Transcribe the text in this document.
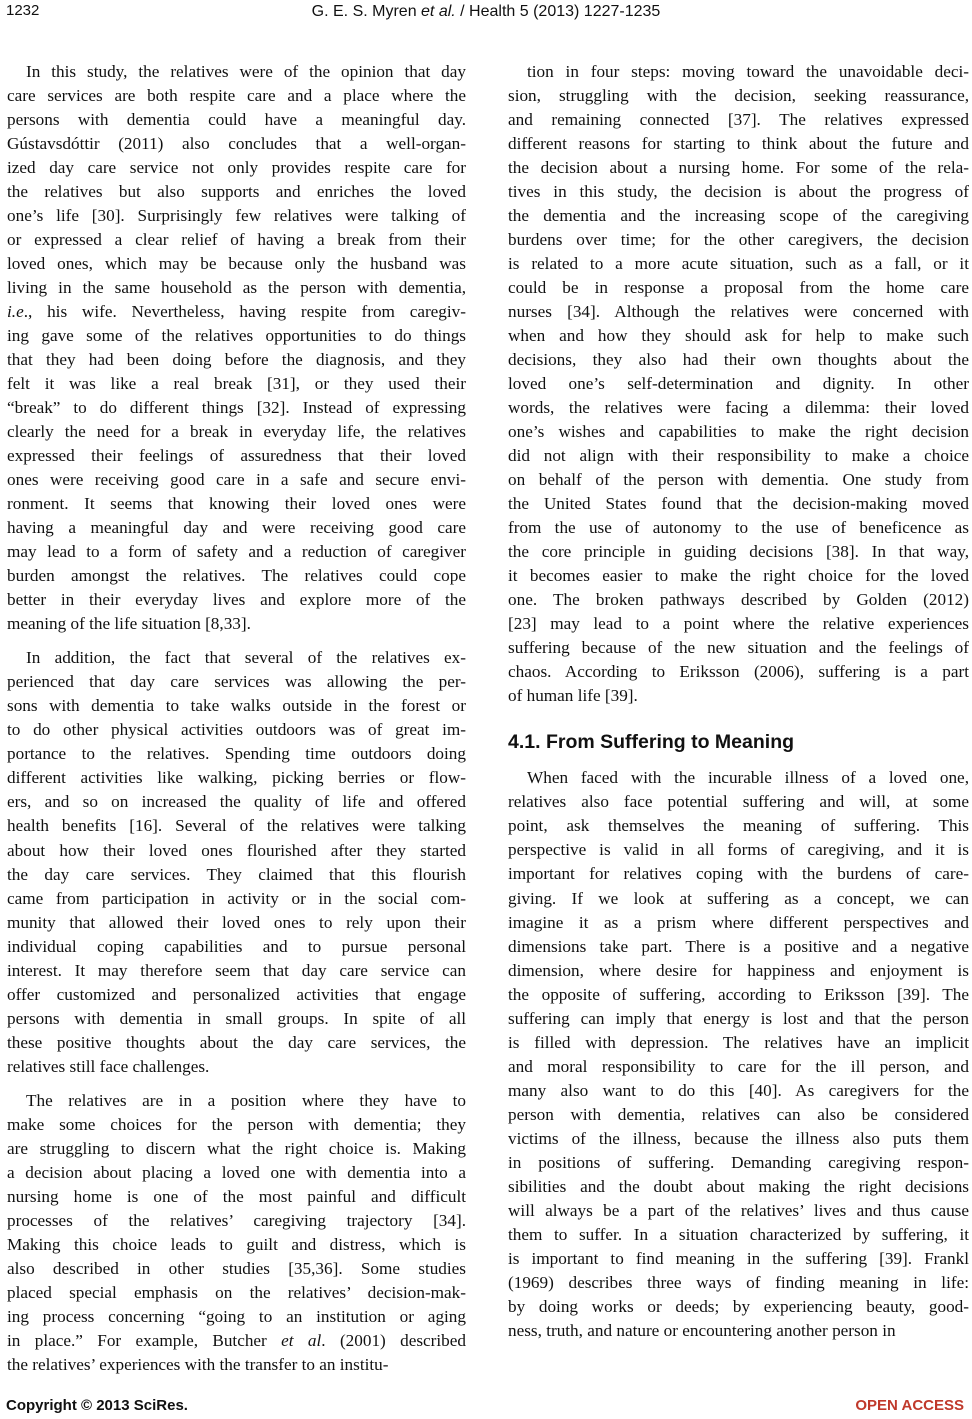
1232	G. E. S. Myren et al. / Health 5 (2013) 1227-1235
In this study, the relatives were of the opinion that day
care services are both respite care and a place where the
persons with dementia could have a meaningful day.
Gústavsdóttir (2011) also concludes that a well-organ-
ized day care service not only provides respite care for
the relatives but also supports and enriches the loved
one’s life [30]. Surprisingly few relatives were talking of
or expressed a clear relief of having a break from their
loved ones, which may be because only the husband was
living in the same household as the person with dementia,
i.e., his wife. Nevertheless, having respite from caregiv-
ing gave some of the relatives opportunities to do things
that they had been doing before the diagnosis, and they
felt it was like a real break [31], or they used their
“break” to do different things [32]. Instead of expressing
clearly the need for a break in everyday life, the relatives
expressed their feelings of assuredness that their loved
ones were receiving good care in a safe and secure envi-
ronment. It seems that knowing their loved ones were
having a meaningful day and were receiving good care
may lead to a form of safety and a reduction of caregiver
burden amongst the relatives. The relatives could cope
better in their everyday lives and explore more of the
meaning of the life situation [8,33].
In addition, the fact that several of the relatives ex-
perienced that day care services was allowing the per-
sons with dementia to take walks outside in the forest or
to do other physical activities outdoors was of great im-
portance to the relatives. Spending time outdoors doing
different activities like walking, picking berries or flow-
ers, and so on increased the quality of life and offered
health benefits [16]. Several of the relatives were talking
about how their loved ones flourished after they started
the day care services. They claimed that this flourish
came from participation in activity or in the social com-
munity that allowed their loved ones to rely upon their
individual coping capabilities and to pursue personal
interest. It may therefore seem that day care service can
offer customized and personalized activities that engage
persons with dementia in small groups. In spite of all
these positive thoughts about the day care services, the
relatives still face challenges.
The relatives are in a position where they have to
make some choices for the person with dementia; they
are struggling to discern what the right choice is. Making
a decision about placing a loved one with dementia into a
nursing home is one of the most painful and difficult
processes of the relatives’ caregiving trajectory [34].
Making this choice leads to guilt and distress, which is
also described in other studies [35,36]. Some studies
placed special emphasis on the relatives’ decision-mak-
ing process concerning “going to an institution or aging
in place.” For example, Butcher et al. (2001) described
the relatives’ experiences with the transfer to an institu-
tion in four steps: moving toward the unavoidable deci-
sion, struggling with the decision, seeking reassurance,
and remaining connected [37]. The relatives expressed
different reasons for starting to think about the future and
the decision about a nursing home. For some of the rela-
tives in this study, the decision is about the progress of
the dementia and the increasing scope of the caregiving
burdens over time; for the other caregivers, the decision
is related to a more acute situation, such as a fall, or it
could be in response a proposal from the home care
nurses [34]. Although the relatives were concerned with
when and how they should ask for help to make such
decisions, they also had their own thoughts about the
loved one’s self-determination and dignity. In other
words, the relatives were facing a dilemma: their loved
one’s wishes and capabilities to make the right decision
did not align with their responsibility to make a choice
on behalf of the person with dementia. One study from
the United States found that the decision-making moved
from the use of autonomy to the use of beneficence as
the core principle in guiding decisions [38]. In that way,
it becomes easier to make the right choice for the loved
one. The broken pathways described by Golden (2012)
[23] may lead to a point where the relative experiences
suffering because of the new situation and the feelings of
chaos. According to Eriksson (2006), suffering is a part
of human life [39].
4.1. From Suffering to Meaning
When faced with the incurable illness of a loved one,
relatives also face potential suffering and will, at some
point, ask themselves the meaning of suffering. This
perspective is valid in all forms of caregiving, and it is
important for relatives coping with the burdens of care-
giving. If we look at suffering as a concept, we can
imagine it as a prism where different perspectives and
dimensions take part. There is a positive and a negative
dimension, where desire for happiness and enjoyment is
the opposite of suffering, according to Eriksson [39]. The
suffering can imply that energy is lost and that the person
is filled with depression. The relatives have an implicit
and moral responsibility to care for the ill person, and
many also want to do this [40]. As caregivers for the
person with dementia, relatives can also be considered
victims of the illness, because the illness also puts them
in positions of suffering. Demanding caregiving respon-
sibilities and the doubt about making the right decisions
will always be a part of the relatives’ lives and thus cause
them to suffer. In a situation characterized by suffering, it
is important to find meaning in the suffering [39]. Frankl
(1969) describes three ways of finding meaning in life:
by doing works or deeds; by experiencing beauty, good-
ness, truth, and nature or encountering another person in
Copyright © 2013 SciRes.	OPEN ACCESS
